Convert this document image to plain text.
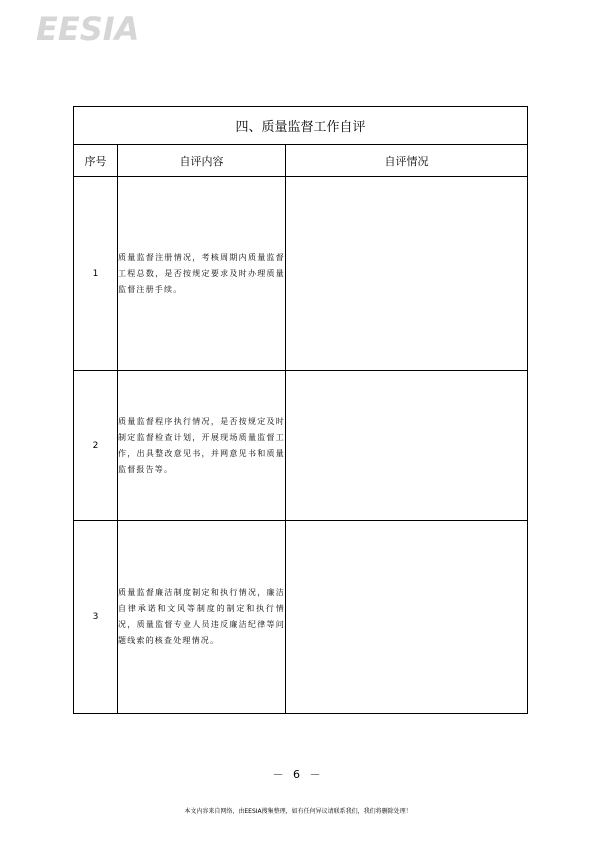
EESIA
四、质量监督工作自评		
序号	自评内容	自评情况
1	质量监督注册情况，考核周期内质量监督工程总数，是否按规定要求及时办理质量监督注册手续。	

2	质量监督程序执行情况，是否按规定及时制定监督检查计划，开展现场质量监督工作，出具整改意见书，并网意见书和质量监督报告等。	

3	质量监督廉洁制度制定和执行情况，廉洁自律承诺和文风等制度的制定和执行情况，质量监督专业人员违反廉洁纪律等问题线索的核查处理情况。	

－ 6 －
本文内容来自网络，由EESIA搜集整理，如有任何异议请联系我们，我们将删除处理！
